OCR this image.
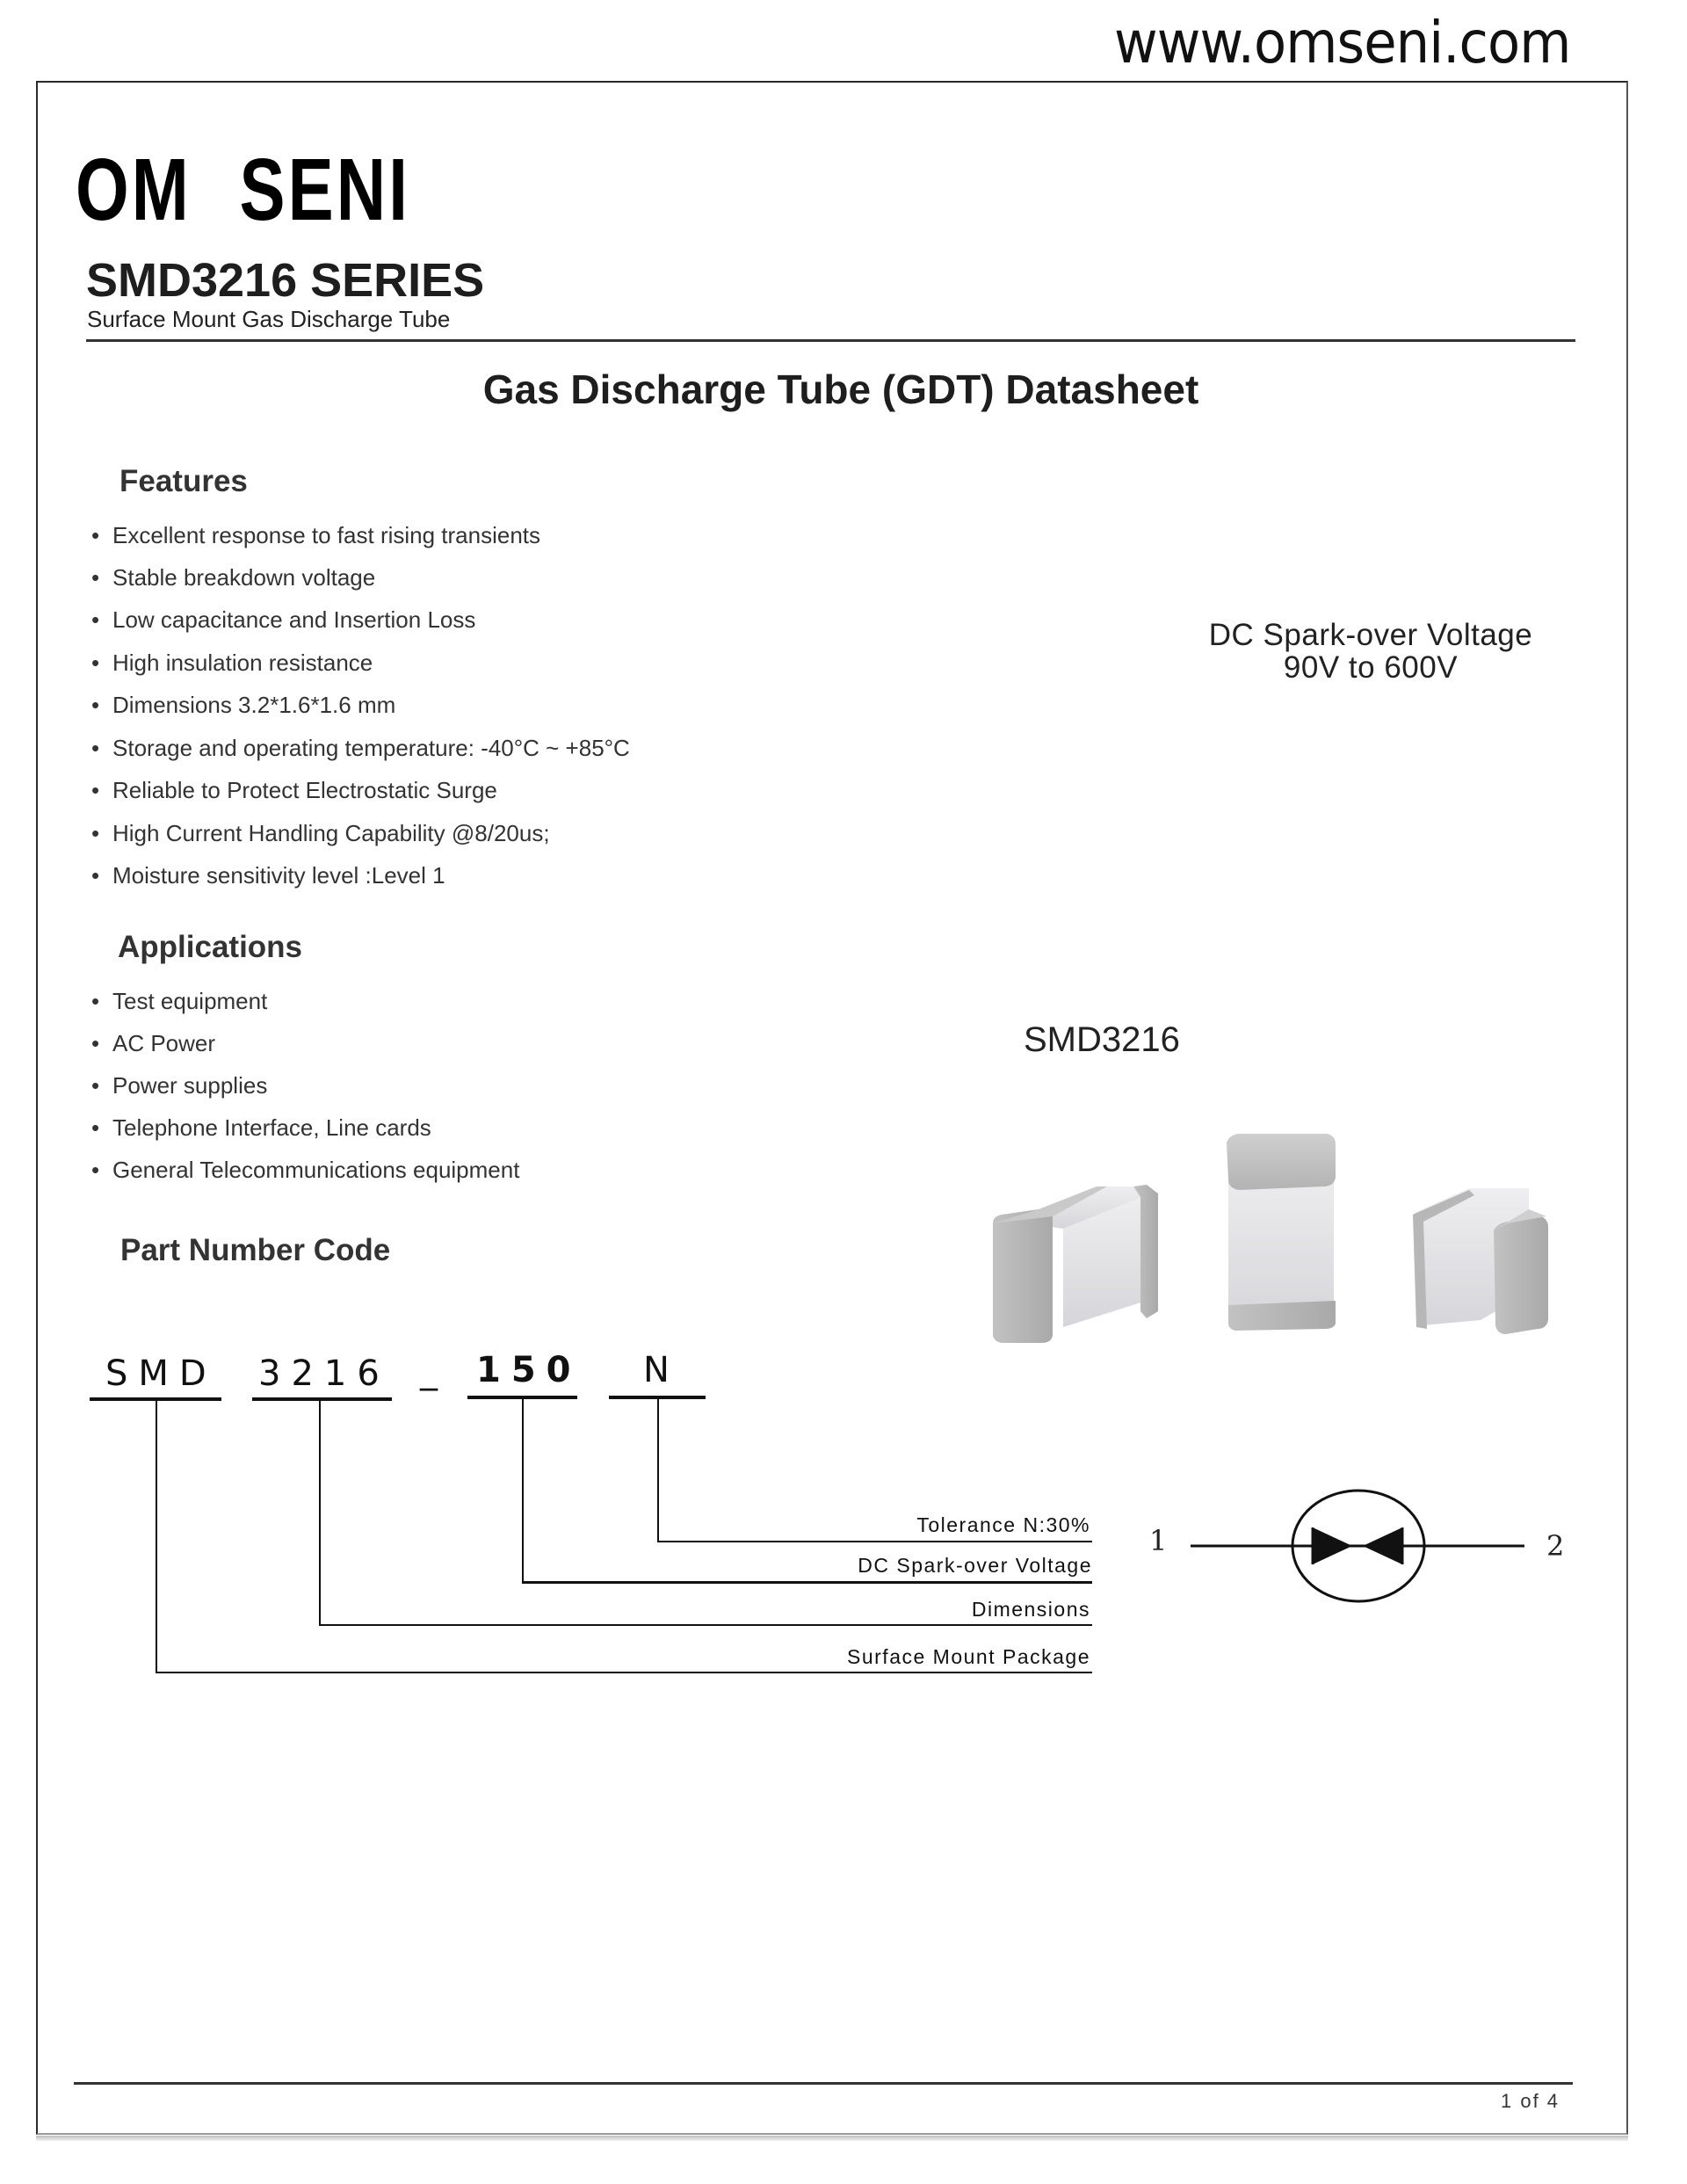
www.omseni.com
OM SENI
SMD3216 SERIES
Surface Mount Gas Discharge Tube
Gas Discharge Tube (GDT) Datasheet
Features
• Excellent response to fast rising transients
• Stable breakdown voltage
• Low capacitance and Insertion Loss
• High insulation resistance
• Dimensions 3.2*1.6*1.6 mm
• Storage and operating temperature: -40°C ~ +85°C
• Reliable to Protect Electrostatic Surge
• High Current Handling Capability @8/20us;
• Moisture sensitivity level :Level 1
DC Spark-over Voltage
90V to 600V
Applications
• Test equipment
• AC Power
• Power supplies
• Telephone Interface, Line cards
• General Telecommunications equipment
SMD3216
Part Number Code
SMD 3216 _ 150 N
Tolerance N:30%
DC Spark-over Voltage
Dimensions
Surface Mount Package
1	2
1 of 4
